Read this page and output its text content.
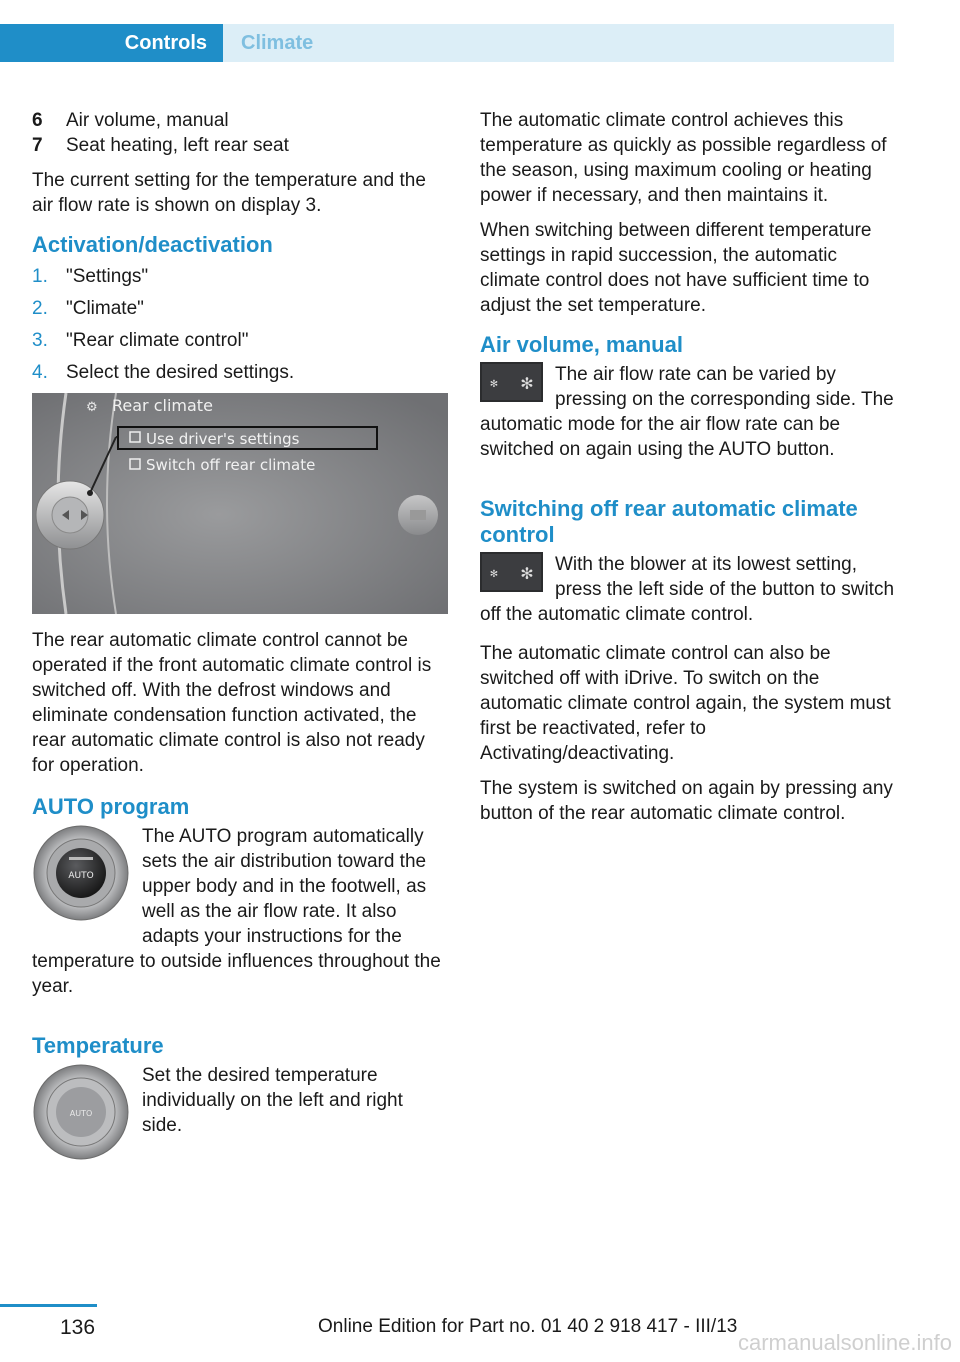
Controls	Climate
6	Air volume, manual
7	Seat heating, left rear seat

The current setting for the temperature and the air flow rate is shown on display 3.

Activation/deactivation
1. "Settings"
2. "Climate"
3. "Rear climate control"
4. Select the desired settings.
⚙ Rear climate
Use driver's settings
Switch off rear climate

The rear automatic climate control cannot be operated if the front automatic climate control is switched off. With the defrost windows and eliminate condensation function activated, the rear automatic climate control is also not ready for operation.

AUTO program
AUTO

The AUTO program automatically sets the air distribution toward the upper body and in the footwell, as well as the air flow rate. It also adapts your instructions for the temperature to outside influences throughout the year.

Temperature
AUTO

Set the desired temperature individually on the left and right side.

The automatic climate control achieves this temperature as quickly as possible regardless of the season, using maximum cooling or heating power if necessary, and then maintains it.

When switching between different temperature settings in rapid succession, the automatic climate control does not have sufficient time to adjust the set temperature.

Air volume, manual
✻ ✻	The air flow rate can be varied by pressing on the corresponding side. The automatic mode for the air flow rate can be switched on again using the AUTO button.

Switching off rear automatic climate control
✻ ✻	With the blower at its lowest setting, press the left side of the button to switch off the automatic climate control.

The automatic climate control can also be switched off with iDrive. To switch on the automatic climate control again, the system must first be reactivated, refer to Activating/deactivating.

The system is switched on again by pressing any button of the rear automatic climate control.

136	Online Edition for Part no. 01 40 2 918 417 - III/13
carmanualsonline.info
